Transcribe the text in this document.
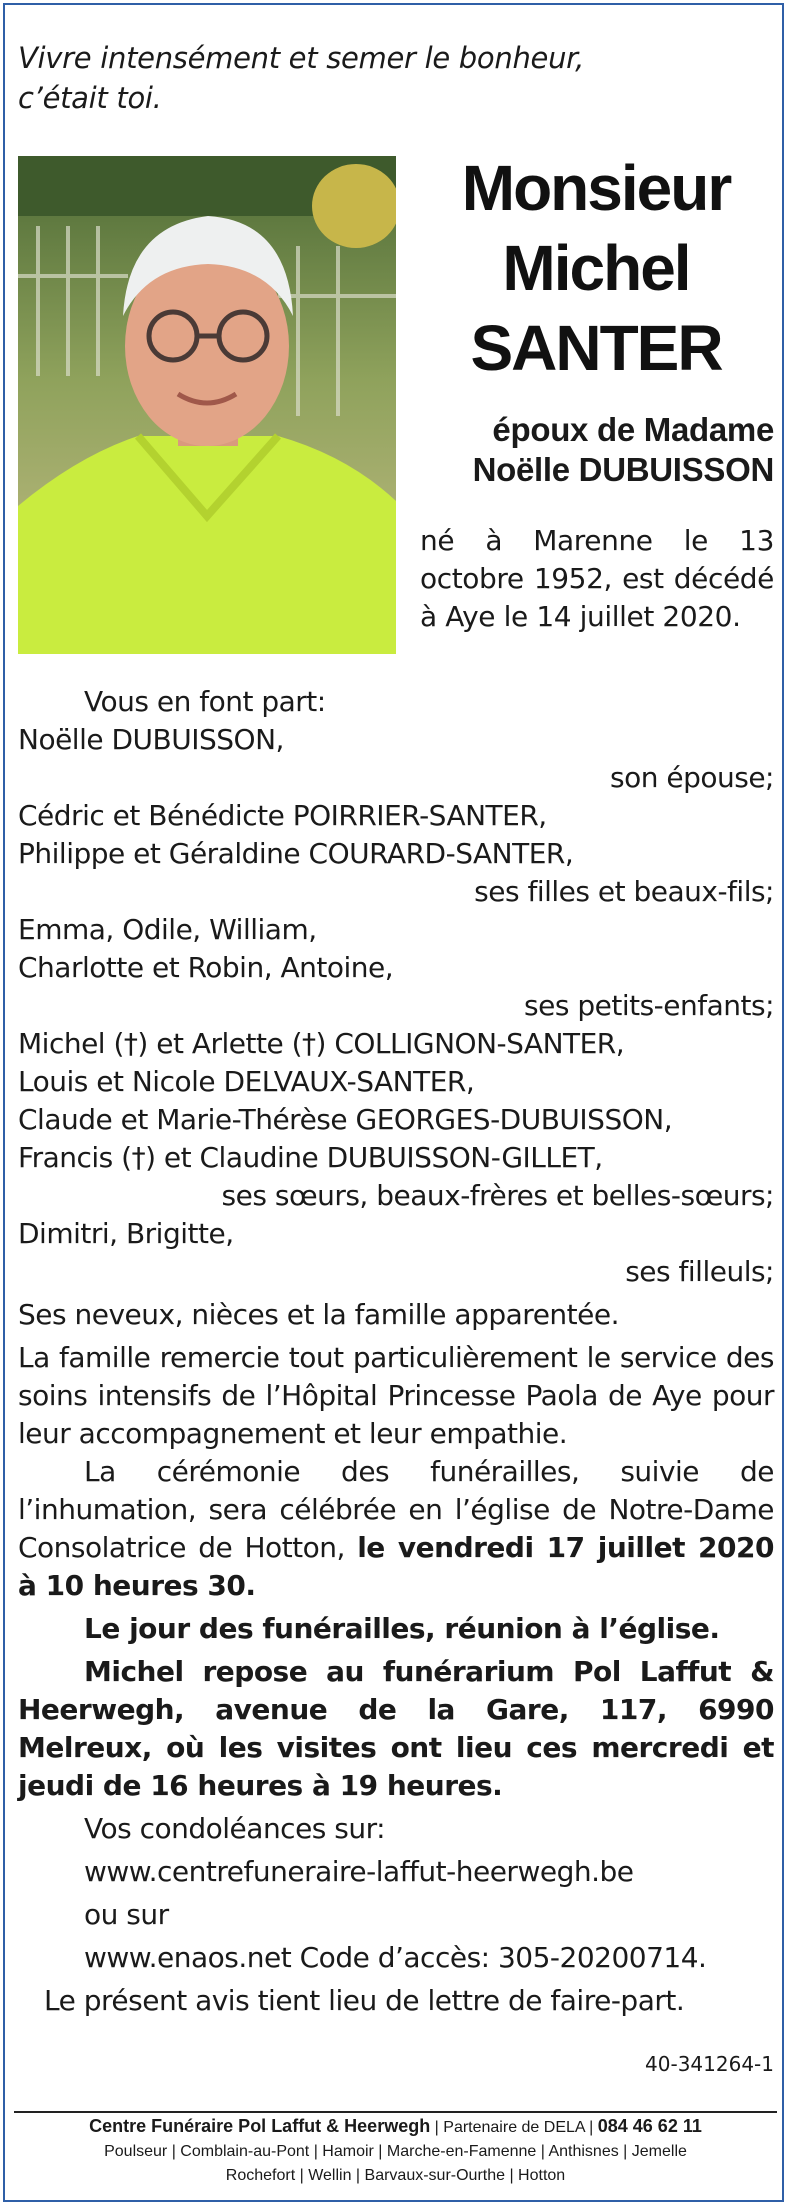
Vivre intensément et semer le bonheur,
c’était toi.
Monsieur
Michel
SANTER
époux de Madame
Noëlle DUBUISSON
né à Marenne le 13 octobre 1952, est décédé à Aye le 14 juillet 2020.

Vous en font part:

Noëlle DUBUISSON,

son épouse;

Cédric et Bénédicte POIRRIER-SANTER,

Philippe et Géraldine COURARD-SANTER,

ses filles et beaux-fils;

Emma, Odile, William,

Charlotte et Robin, Antoine,

ses petits-enfants;

Michel (†) et Arlette (†) COLLIGNON-SANTER,

Louis et Nicole DELVAUX-SANTER,

Claude et Marie-Thérèse GEORGES-DUBUISSON,

Francis (†) et Claudine DUBUISSON-GILLET,

ses sœurs, beaux-frères et belles-sœurs;

Dimitri, Brigitte,

ses filleuls;

Ses neveux, nièces et la famille apparentée.

La famille remercie tout particulièrement le service des soins intensifs de l’Hôpital Princesse Paola de Aye pour leur accompagnement et leur empathie.

La cérémonie des funérailles, suivie de l’inhumation, sera célébrée en l’église de Notre-Dame Consolatrice de Hotton, le vendredi 17 juillet 2020 à 10 heures 30.

Le jour des funérailles, réunion à l’église.

Michel repose au funérarium Pol Laffut & Heerwegh, avenue de la Gare, 117, 6990 Melreux, où les visites ont lieu ces mercredi et jeudi de 16 heures à 19 heures.

Vos condoléances sur:

www.centrefuneraire-laffut-heerwegh.be

ou sur

www.enaos.net Code d’accès: 305-20200714.

Le présent avis tient lieu de lettre de faire-part.

40-341264-1
Centre Funéraire Pol Laffut & Heerwegh | Partenaire de DELA | 084 46 62 11
Poulseur | Comblain-au-Pont | Hamoir | Marche-en-Famenne | Anthisnes | Jemelle
Rochefort | Wellin | Barvaux-sur-Ourthe | Hotton
